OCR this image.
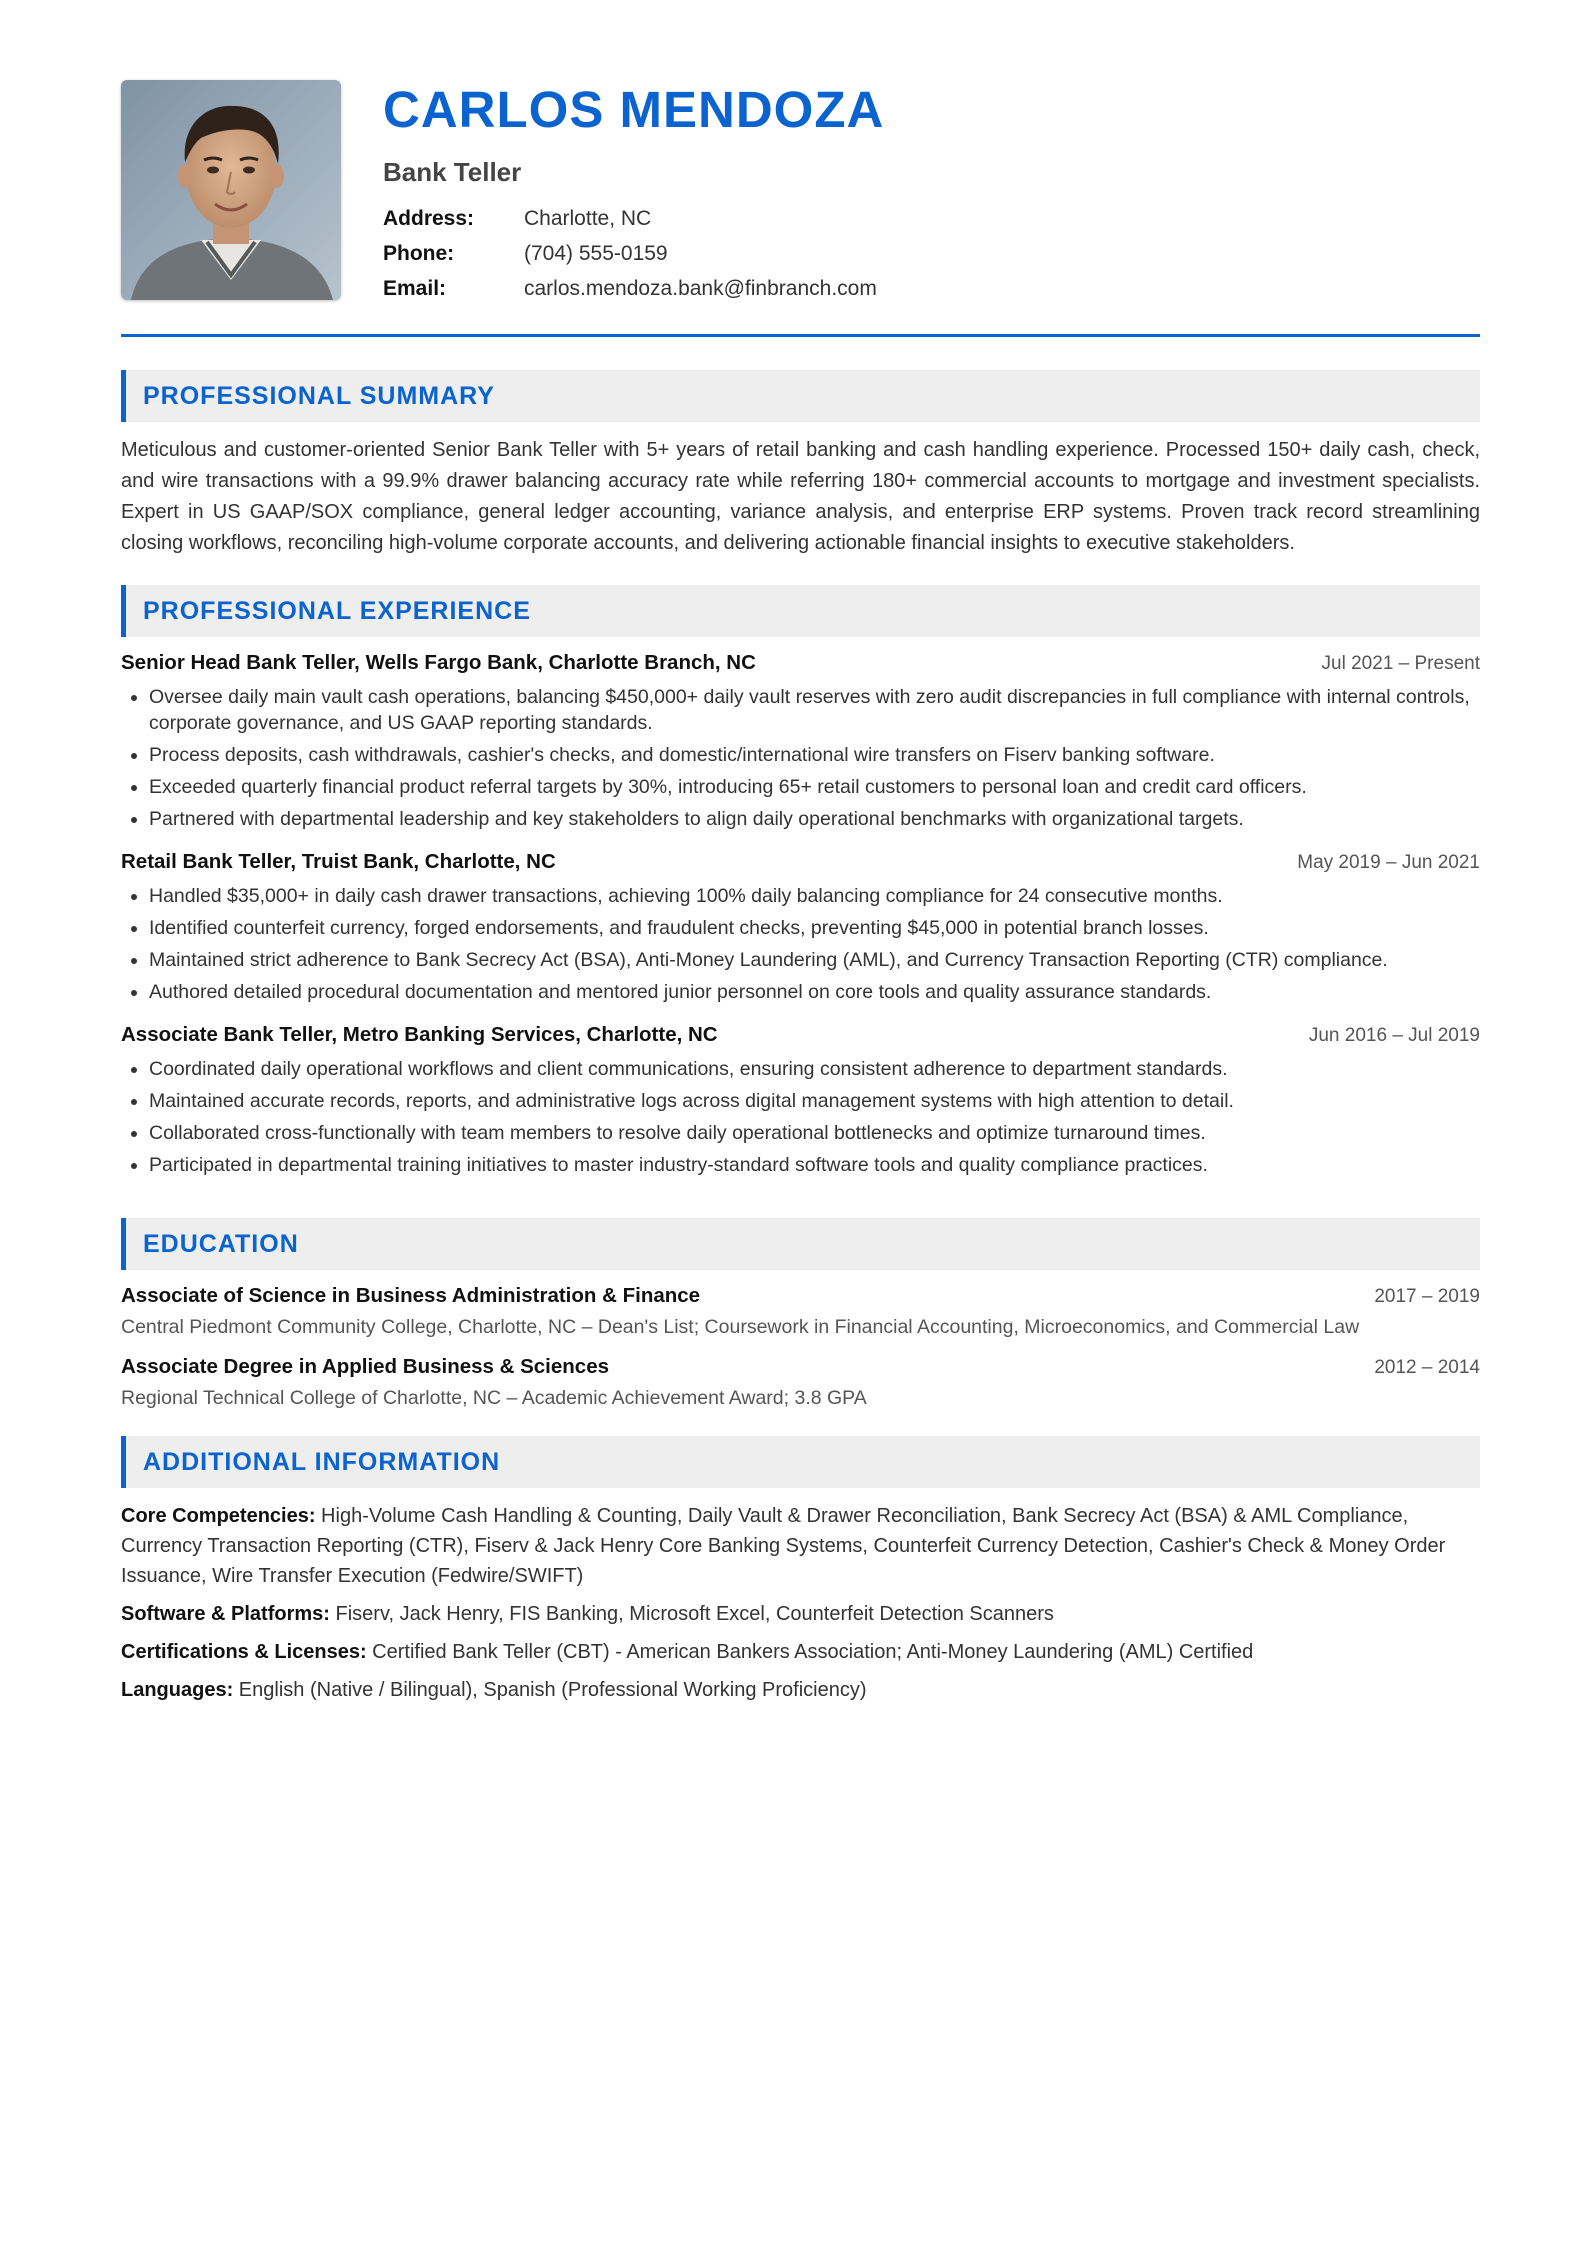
CARLOS MENDOZA
Bank Teller
Address:	Charlotte, NC
Phone:	(704) 555-0159
Email:	carlos.mendoza.bank@finbranch.com
PROFESSIONAL SUMMARY
Meticulous and customer-oriented Senior Bank Teller with 5+ years of retail banking and cash handling experience. Processed 150+ daily cash, check, and wire transactions with a 99.9% drawer balancing accuracy rate while referring 180+ commercial accounts to mortgage and investment specialists. Expert in US GAAP/SOX compliance, general ledger accounting, variance analysis, and enterprise ERP systems. Proven track record streamlining closing workflows, reconciling high-volume corporate accounts, and delivering actionable financial insights to executive stakeholders.
PROFESSIONAL EXPERIENCE
Senior Head Bank Teller, Wells Fargo Bank, Charlotte Branch, NC	Jul 2021 – Present
• Oversee daily main vault cash operations, balancing $450,000+ daily vault reserves with zero audit discrepancies in full compliance with internal controls, corporate governance, and US GAAP reporting standards.
• Process deposits, cash withdrawals, cashier's checks, and domestic/international wire transfers on Fiserv banking software.
• Exceeded quarterly financial product referral targets by 30%, introducing 65+ retail customers to personal loan and credit card officers.
• Partnered with departmental leadership and key stakeholders to align daily operational benchmarks with organizational targets.
Retail Bank Teller, Truist Bank, Charlotte, NC	May 2019 – Jun 2021
• Handled $35,000+ in daily cash drawer transactions, achieving 100% daily balancing compliance for 24 consecutive months.
• Identified counterfeit currency, forged endorsements, and fraudulent checks, preventing $45,000 in potential branch losses.
• Maintained strict adherence to Bank Secrecy Act (BSA), Anti-Money Laundering (AML), and Currency Transaction Reporting (CTR) compliance.
• Authored detailed procedural documentation and mentored junior personnel on core tools and quality assurance standards.
Associate Bank Teller, Metro Banking Services, Charlotte, NC	Jun 2016 – Jul 2019
• Coordinated daily operational workflows and client communications, ensuring consistent adherence to department standards.
• Maintained accurate records, reports, and administrative logs across digital management systems with high attention to detail.
• Collaborated cross-functionally with team members to resolve daily operational bottlenecks and optimize turnaround times.
• Participated in departmental training initiatives to master industry-standard software tools and quality compliance practices.
EDUCATION
Associate of Science in Business Administration & Finance	2017 – 2019
Central Piedmont Community College, Charlotte, NC – Dean's List; Coursework in Financial Accounting, Microeconomics, and Commercial Law
Associate Degree in Applied Business & Sciences	2012 – 2014
Regional Technical College of Charlotte, NC – Academic Achievement Award; 3.8 GPA
ADDITIONAL INFORMATION
Core Competencies: High-Volume Cash Handling & Counting, Daily Vault & Drawer Reconciliation, Bank Secrecy Act (BSA) & AML Compliance, Currency Transaction Reporting (CTR), Fiserv & Jack Henry Core Banking Systems, Counterfeit Currency Detection, Cashier's Check & Money Order Issuance, Wire Transfer Execution (Fedwire/SWIFT)
Software & Platforms: Fiserv, Jack Henry, FIS Banking, Microsoft Excel, Counterfeit Detection Scanners
Certifications & Licenses: Certified Bank Teller (CBT) - American Bankers Association; Anti-Money Laundering (AML) Certified
Languages: English (Native / Bilingual), Spanish (Professional Working Proficiency)
